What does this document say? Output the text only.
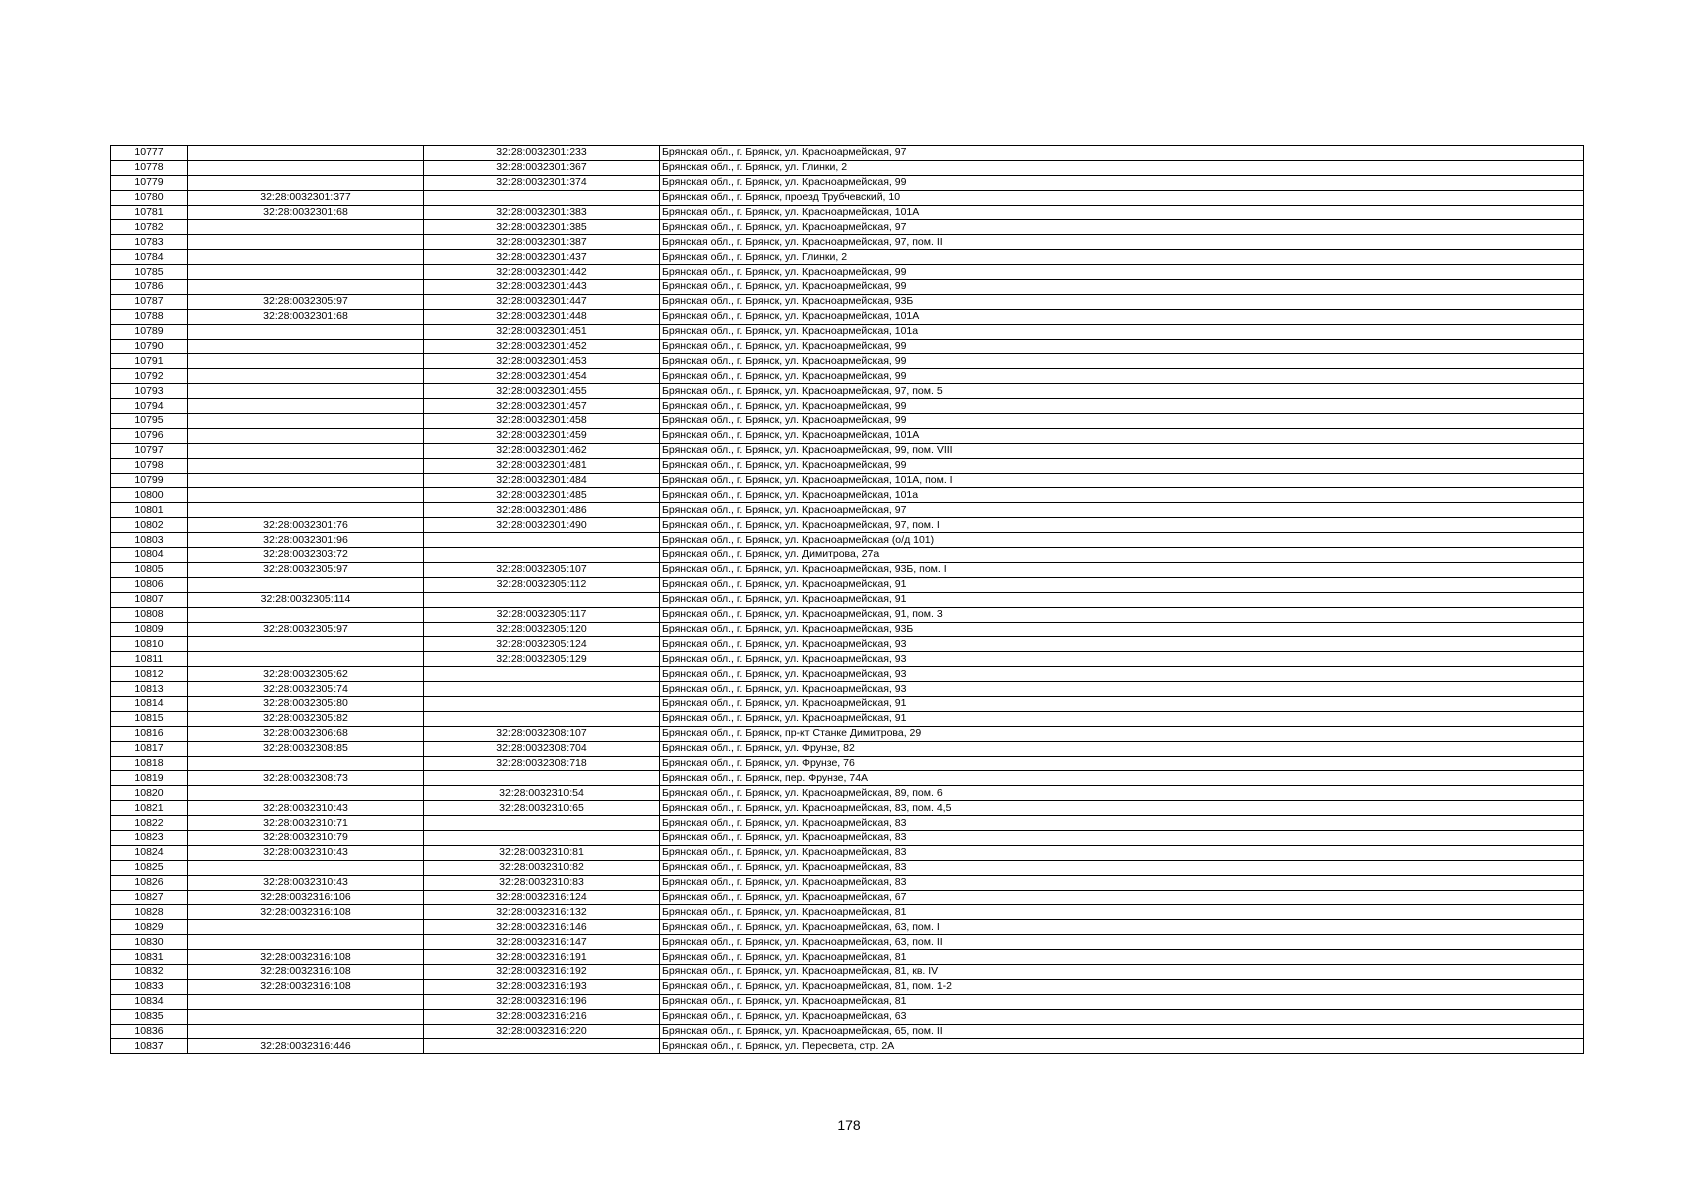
10777		32:28:0032301:233	Брянская обл., г. Брянск, ул. Красноармейская, 97
10778		32:28:0032301:367	Брянская обл., г. Брянск, ул. Глинки, 2
10779		32:28:0032301:374	Брянская обл., г. Брянск, ул. Красноармейская, 99
10780	32:28:0032301:377		Брянская обл., г. Брянск, проезд Трубчевский, 10
10781	32:28:0032301:68	32:28:0032301:383	Брянская обл., г. Брянск, ул. Красноармейская, 101А
10782		32:28:0032301:385	Брянская обл., г. Брянск, ул. Красноармейская, 97
10783		32:28:0032301:387	Брянская обл., г. Брянск, ул. Красноармейская, 97, пом. II
10784		32:28:0032301:437	Брянская обл., г. Брянск, ул. Глинки, 2
10785		32:28:0032301:442	Брянская обл., г. Брянск, ул. Красноармейская, 99
10786		32:28:0032301:443	Брянская обл., г. Брянск, ул. Красноармейская, 99
10787	32:28:0032305:97	32:28:0032301:447	Брянская обл., г. Брянск, ул. Красноармейская, 93Б
10788	32:28:0032301:68	32:28:0032301:448	Брянская обл., г. Брянск, ул. Красноармейская, 101А
10789		32:28:0032301:451	Брянская обл., г. Брянск, ул. Красноармейская, 101а
10790		32:28:0032301:452	Брянская обл., г. Брянск, ул. Красноармейская, 99
10791		32:28:0032301:453	Брянская обл., г. Брянск, ул. Красноармейская, 99
10792		32:28:0032301:454	Брянская обл., г. Брянск, ул. Красноармейская, 99
10793		32:28:0032301:455	Брянская обл., г. Брянск, ул. Красноармейская, 97, пом. 5
10794		32:28:0032301:457	Брянская обл., г. Брянск, ул. Красноармейская, 99
10795		32:28:0032301:458	Брянская обл., г. Брянск, ул. Красноармейская, 99
10796		32:28:0032301:459	Брянская обл., г. Брянск, ул. Красноармейская, 101А
10797		32:28:0032301:462	Брянская обл., г. Брянск, ул. Красноармейская, 99, пом. VIII
10798		32:28:0032301:481	Брянская обл., г. Брянск, ул. Красноармейская, 99
10799		32:28:0032301:484	Брянская обл., г. Брянск, ул. Красноармейская, 101А, пом. I
10800		32:28:0032301:485	Брянская обл., г. Брянск, ул. Красноармейская, 101а
10801		32:28:0032301:486	Брянская обл., г. Брянск, ул. Красноармейская, 97
10802	32:28:0032301:76	32:28:0032301:490	Брянская обл., г. Брянск, ул. Красноармейская, 97, пом. I
10803	32:28:0032301:96		Брянская обл., г. Брянск, ул. Красноармейская (о/д 101)
10804	32:28:0032303:72		Брянская обл., г. Брянск, ул. Димитрова, 27а
10805	32:28:0032305:97	32:28:0032305:107	Брянская обл., г. Брянск, ул. Красноармейская, 93Б, пом. I
10806		32:28:0032305:112	Брянская обл., г. Брянск, ул. Красноармейская, 91
10807	32:28:0032305:114		Брянская обл., г. Брянск, ул. Красноармейская, 91
10808		32:28:0032305:117	Брянская обл., г. Брянск, ул. Красноармейская, 91, пом. 3
10809	32:28:0032305:97	32:28:0032305:120	Брянская обл., г. Брянск, ул. Красноармейская, 93Б
10810		32:28:0032305:124	Брянская обл., г. Брянск, ул. Красноармейская, 93
10811		32:28:0032305:129	Брянская обл., г. Брянск, ул. Красноармейская, 93
10812	32:28:0032305:62		Брянская обл., г. Брянск, ул. Красноармейская, 93
10813	32:28:0032305:74		Брянская обл., г. Брянск, ул. Красноармейская, 93
10814	32:28:0032305:80		Брянская обл., г. Брянск, ул. Красноармейская, 91
10815	32:28:0032305:82		Брянская обл., г. Брянск, ул. Красноармейская, 91
10816	32:28:0032306:68	32:28:0032308:107	Брянская обл., г. Брянск, пр-кт Станке Димитрова, 29
10817	32:28:0032308:85	32:28:0032308:704	Брянская обл., г. Брянск, ул. Фрунзе, 82
10818		32:28:0032308:718	Брянская обл., г. Брянск, ул. Фрунзе, 76
10819	32:28:0032308:73		Брянская обл., г. Брянск, пер. Фрунзе, 74А
10820		32:28:0032310:54	Брянская обл., г. Брянск, ул. Красноармейская, 89, пом. 6
10821	32:28:0032310:43	32:28:0032310:65	Брянская обл., г. Брянск, ул. Красноармейская, 83, пом. 4,5
10822	32:28:0032310:71		Брянская обл., г. Брянск, ул. Красноармейская, 83
10823	32:28:0032310:79		Брянская обл., г. Брянск, ул. Красноармейская, 83
10824	32:28:0032310:43	32:28:0032310:81	Брянская обл., г. Брянск, ул. Красноармейская, 83
10825		32:28:0032310:82	Брянская обл., г. Брянск, ул. Красноармейская, 83
10826	32:28:0032310:43	32:28:0032310:83	Брянская обл., г. Брянск, ул. Красноармейская, 83
10827	32:28:0032316:106	32:28:0032316:124	Брянская обл., г. Брянск, ул. Красноармейская, 67
10828	32:28:0032316:108	32:28:0032316:132	Брянская обл., г. Брянск, ул. Красноармейская, 81
10829		32:28:0032316:146	Брянская обл., г. Брянск, ул. Красноармейская, 63, пом. I
10830		32:28:0032316:147	Брянская обл., г. Брянск, ул. Красноармейская, 63, пом. II
10831	32:28:0032316:108	32:28:0032316:191	Брянская обл., г. Брянск, ул. Красноармейская, 81
10832	32:28:0032316:108	32:28:0032316:192	Брянская обл., г. Брянск, ул. Красноармейская, 81, кв. IV
10833	32:28:0032316:108	32:28:0032316:193	Брянская обл., г. Брянск, ул. Красноармейская, 81, пом. 1-2
10834		32:28:0032316:196	Брянская обл., г. Брянск, ул. Красноармейская, 81
10835		32:28:0032316:216	Брянская обл., г. Брянск, ул. Красноармейская, 63
10836		32:28:0032316:220	Брянская обл., г. Брянск, ул. Красноармейская, 65, пом. II
10837	32:28:0032316:446		Брянская обл., г. Брянск, ул. Пересвета, стр. 2А
178
